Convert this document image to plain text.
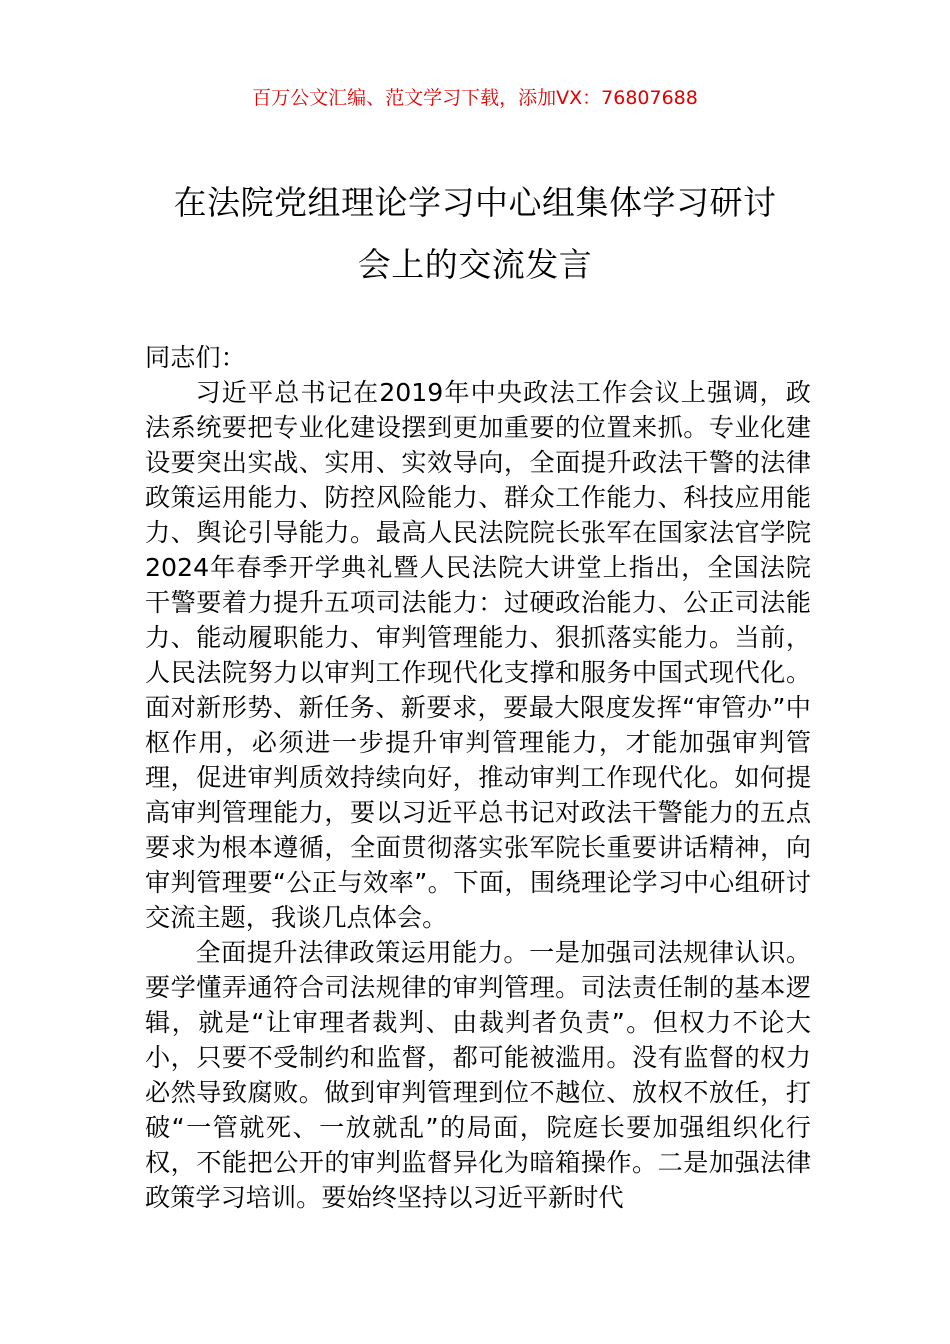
百万公文汇编、范文学习下载，添加VX：76807688
在法院党组理论学习中心组集体学习研讨
会上的交流发言

同志们：

习近平总书记在2019年中央政法工作会议上强调，政法系统要把专业化建设摆到更加重要的位置来抓。专业化建设要突出实战、实用、实效导向，全面提升政法干警的法律政策运用能力、防控风险能力、群众工作能力、科技应用能力、舆论引导能力。最高人民法院院长张军在国家法官学院2024年春季开学典礼暨人民法院大讲堂上指出，全国法院干警要着力提升五项司法能力：过硬政治能力、公正司法能力、能动履职能力、审判管理能力、狠抓落实能力。当前，人民法院努力以审判工作现代化支撑和服务中国式现代化。面对新形势、新任务、新要求，要最大限度发挥“审管办”中枢作用，必须进一步提升审判管理能力，才能加强审判管理，促进审判质效持续向好，推动审判工作现代化。如何提高审判管理能力，要以习近平总书记对政法干警能力的五点要求为根本遵循，全面贯彻落实张军院长重要讲话精神，向审判管理要“公正与效率”。下面，围绕理论学习中心组研讨交流主题，我谈几点体会。

全面提升法律政策运用能力。一是加强司法规律认识。要学懂弄通符合司法规律的审判管理。司法责任制的基本逻辑，就是“让审理者裁判、由裁判者负责”。但权力不论大小，只要不受制约和监督，都可能被滥用。没有监督的权力必然导致腐败。做到审判管理到位不越位、放权不放任，打破“一管就死、一放就乱”的局面，院庭长要加强组织化行权，不能把公开的审判监督异化为暗箱操作。二是加强法律政策学习培训。要始终坚持以习近平新时代
